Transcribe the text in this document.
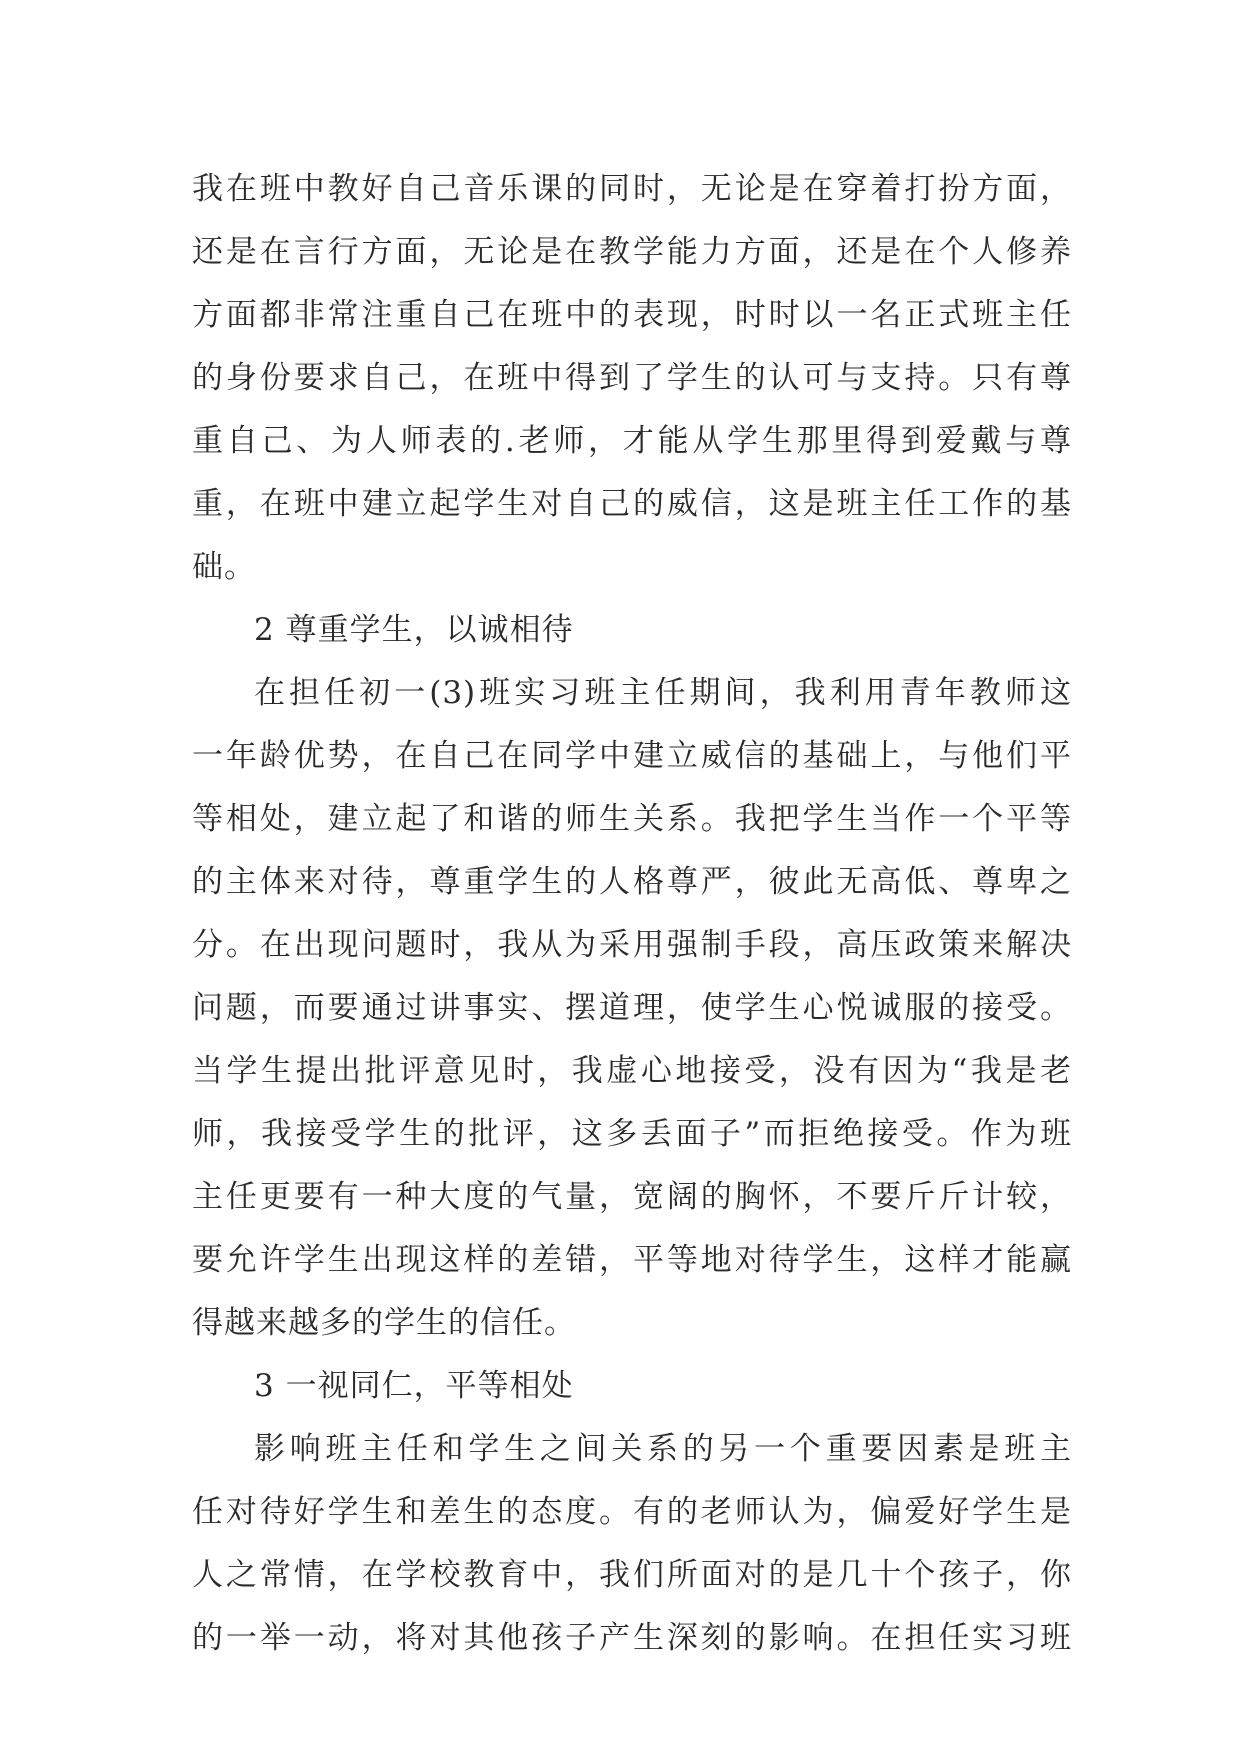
我在班中教好自己音乐课的同时，无论是在穿着打扮方面，
还是在言行方面，无论是在教学能力方面，还是在个人修养
方面都非常注重自己在班中的表现，时时以一名正式班主任
的身份要求自己，在班中得到了学生的认可与支持。只有尊
重自己、为人师表的.老师，才能从学生那里得到爱戴与尊
重，在班中建立起学生对自己的威信，这是班主任工作的基
础。
2 尊重学生，以诚相待
在担任初一(3)班实习班主任期间，我利用青年教师这
一年龄优势，在自己在同学中建立威信的基础上，与他们平
等相处，建立起了和谐的师生关系。我把学生当作一个平等
的主体来对待，尊重学生的人格尊严，彼此无高低、尊卑之
分。在出现问题时，我从为采用强制手段，高压政策来解决
问题，而要通过讲事实、摆道理，使学生心悦诚服的接受。
当学生提出批评意见时，我虚心地接受，没有因为“我是老
师，我接受学生的批评，这多丢面子”而拒绝接受。作为班
主任更要有一种大度的气量，宽阔的胸怀，不要斤斤计较，
要允许学生出现这样的差错，平等地对待学生，这样才能赢
得越来越多的学生的信任。
3 一视同仁，平等相处
影响班主任和学生之间关系的另一个重要因素是班主
任对待好学生和差生的态度。有的老师认为，偏爱好学生是
人之常情，在学校教育中，我们所面对的是几十个孩子，你
的一举一动，将对其他孩子产生深刻的影响。在担任实习班
